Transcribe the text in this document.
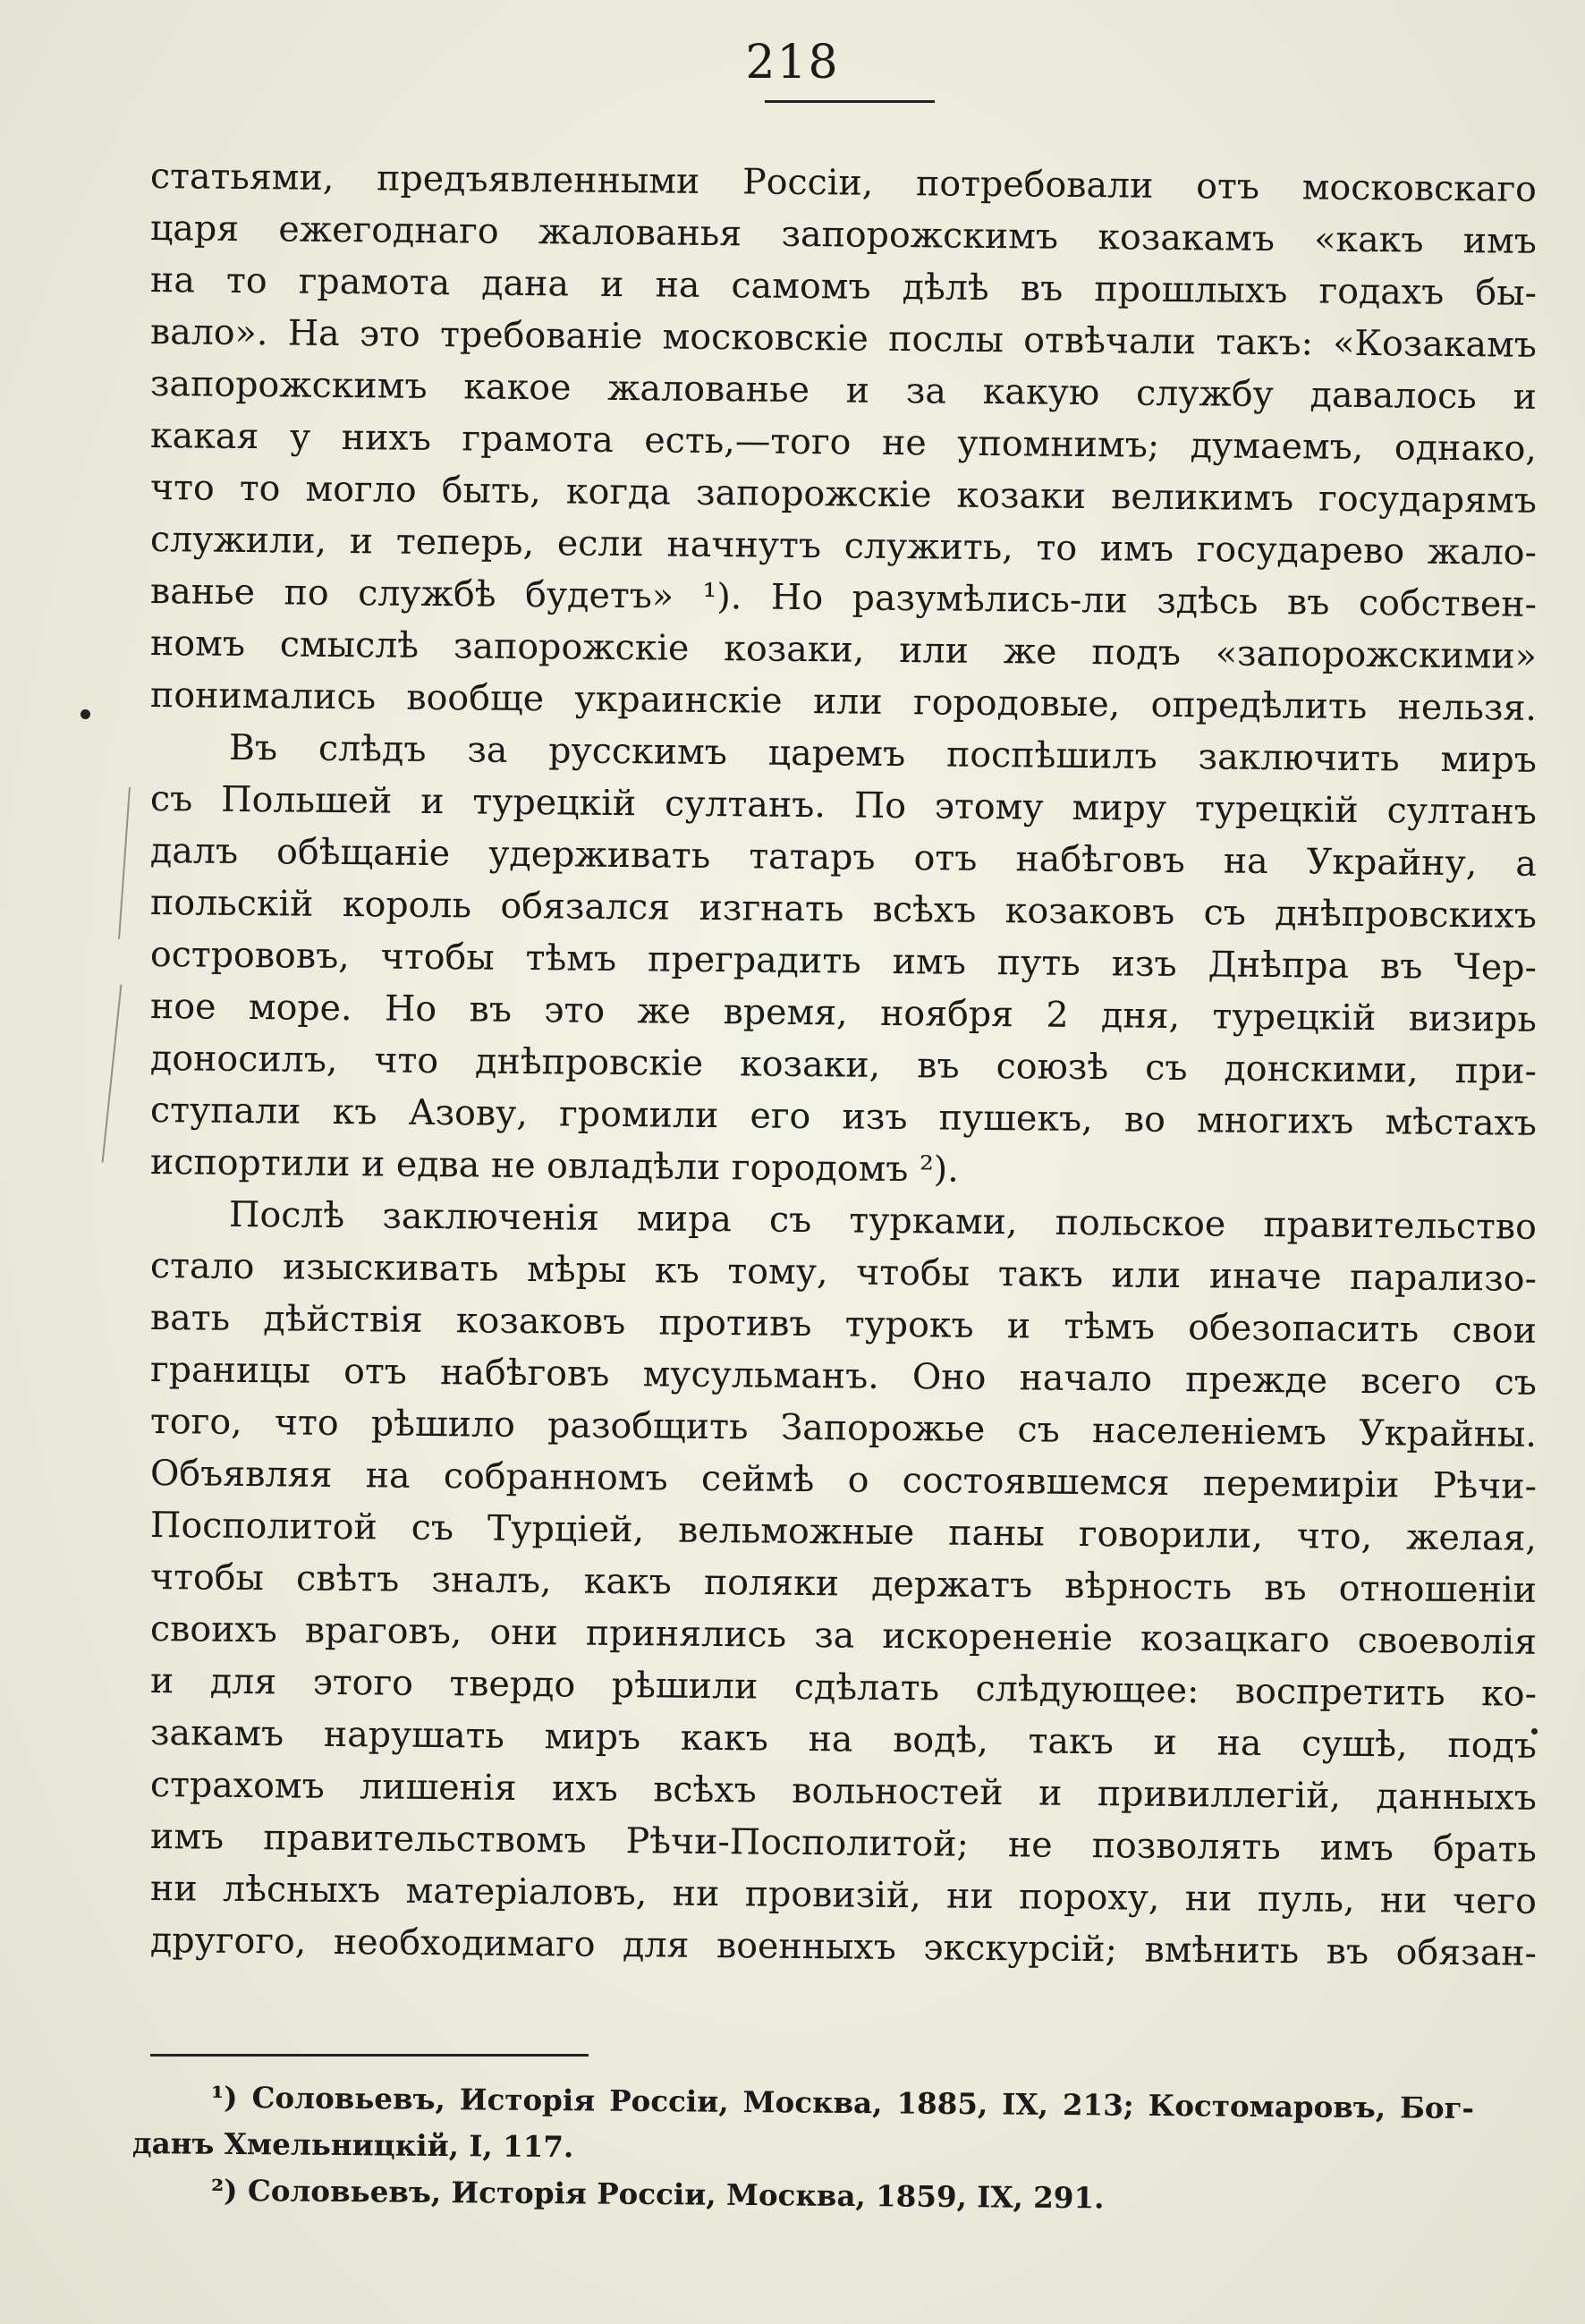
218
статьями, предъявленными Россіи, потребовали отъ московскаго
царя ежегоднаго жалованья запорожскимъ козакамъ «какъ имъ
на то грамота дана и на самомъ дѣлѣ въ прошлыхъ годахъ бы-
вало». На это требованіе московскіе послы отвѣчали такъ: «Козакамъ
запорожскимъ какое жалованье и за какую службу давалось и
какая у нихъ грамота есть,—того не упомнимъ; думаемъ, однако,
что то могло быть, когда запорожскіе козаки великимъ государямъ
служили, и теперь, если начнутъ служить, то имъ государево жало-
ванье по службѣ будетъ» ¹). Но разумѣлись-ли здѣсь въ собствен-
номъ смыслѣ запорожскіе козаки, или же подъ «запорожскими»
понимались вообще украинскіе или городовые, опредѣлить нельзя.
Въ слѣдъ за русскимъ царемъ поспѣшилъ заключить миръ
съ Польшей и турецкій султанъ. По этому миру турецкій султанъ
далъ обѣщаніе удерживать татаръ отъ набѣговъ на Украйну, а
польскій король обязался изгнать всѣхъ козаковъ съ днѣпровскихъ
острововъ, чтобы тѣмъ преградить имъ путь изъ Днѣпра въ Чер-
ное море. Но въ это же время, ноября 2 дня, турецкій визирь
доносилъ, что днѣпровскіе козаки, въ союзѣ съ донскими, при-
ступали къ Азову, громили его изъ пушекъ, во многихъ мѣстахъ
испортили и едва не овладѣли городомъ ²).
Послѣ заключенія мира съ турками, польское правительство
стало изыскивать мѣры къ тому, чтобы такъ или иначе парализо-
вать дѣйствія козаковъ противъ турокъ и тѣмъ обезопасить свои
границы отъ набѣговъ мусульманъ. Оно начало прежде всего съ
того, что рѣшило разобщить Запорожье съ населеніемъ Украйны.
Объявляя на собранномъ сеймѣ о состоявшемся перемиріи Рѣчи-
Посполитой съ Турціей, вельможные паны говорили, что, желая,
чтобы свѣтъ зналъ, какъ поляки держатъ вѣрность въ отношеніи
своихъ враговъ, они принялись за искорененіе козацкаго своеволія
и для этого твердо рѣшили сдѣлать слѣдующее: воспретить ко-
закамъ нарушать миръ какъ на водѣ, такъ и на сушѣ, подъ
страхомъ лишенія ихъ всѣхъ вольностей и привиллегій, данныхъ
имъ правительствомъ Рѣчи-Посполитой; не позволять имъ брать
ни лѣсныхъ матеріаловъ, ни провизій, ни пороху, ни пуль, ни чего
другого, необходимаго для военныхъ экскурсій; вмѣнить въ обязан-
¹) Соловьевъ, Исторія Россіи, Москва, 1885, IX, 213; Костомаровъ, Бог-
данъ Хмельницкій, I, 117.
²) Соловьевъ, Исторія Россіи, Москва, 1859, IX, 291.
